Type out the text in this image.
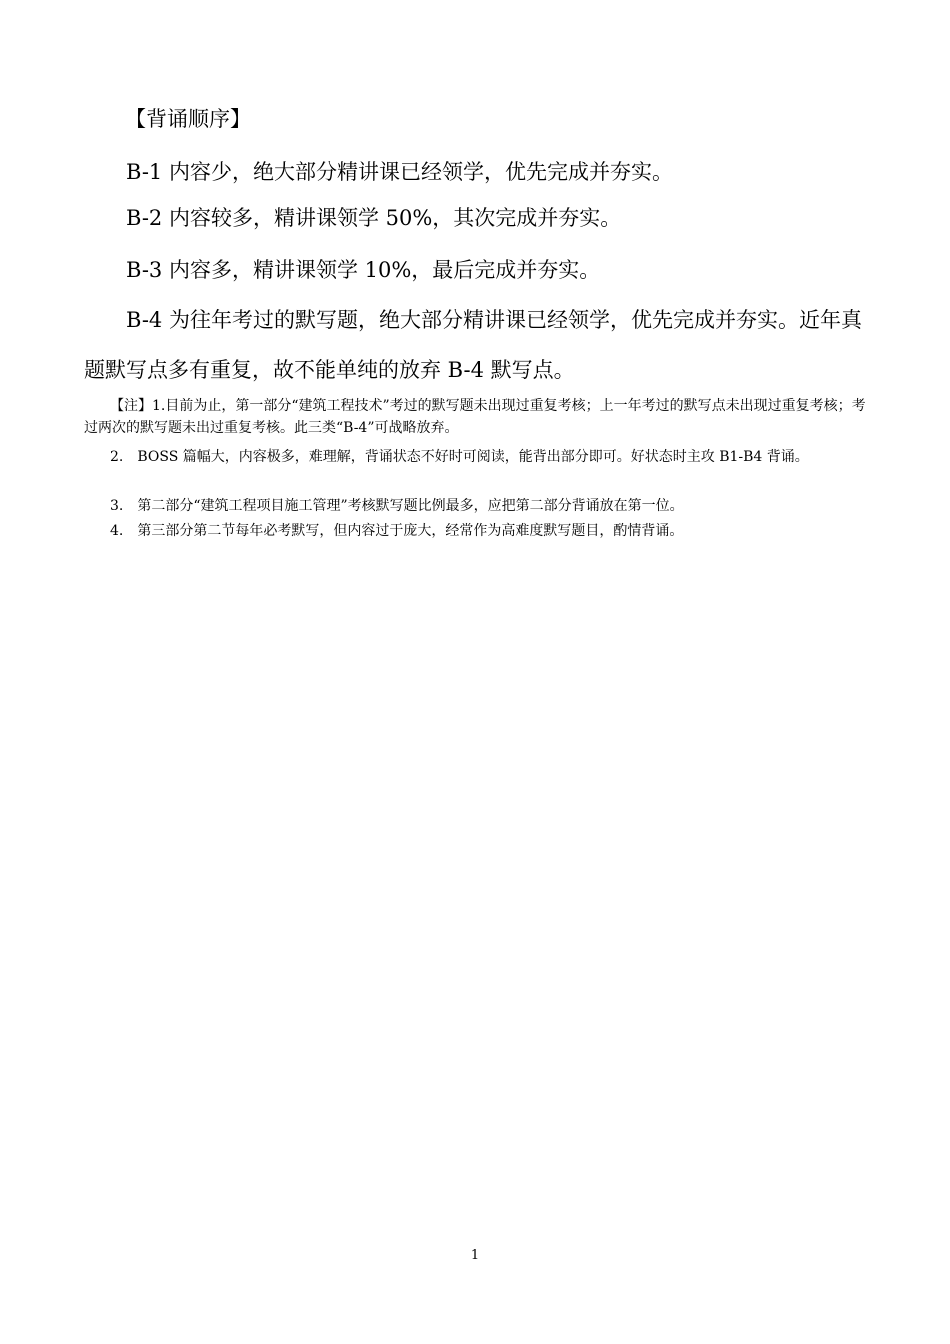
【背诵顺序】
B-1 内容少，绝大部分精讲课已经领学，优先完成并夯实。
B-2 内容较多，精讲课领学 50%，其次完成并夯实。
B-3 内容多，精讲课领学 10%，最后完成并夯实。
B-4 为往年考过的默写题，绝大部分精讲课已经领学，优先完成并夯实。近年真题默写点多有重复，故不能单纯的放弃 B-4 默写点。
【注】1.目前为止，第一部分“建筑工程技术”考过的默写题未出现过重复考核；上一年考过的默写点未出现过重复考核；考过两次的默写题未出过重复考核。此三类“B-4”可战略放弃。
2.　BOSS 篇幅大，内容极多，难理解，背诵状态不好时可阅读，能背出部分即可。好状态时主攻 B1-B4 背诵。
3.　第二部分“建筑工程项目施工管理”考核默写题比例最多，应把第二部分背诵放在第一位。
4.　第三部分第二节每年必考默写，但内容过于庞大，经常作为高难度默写题目，酌情背诵。
1
